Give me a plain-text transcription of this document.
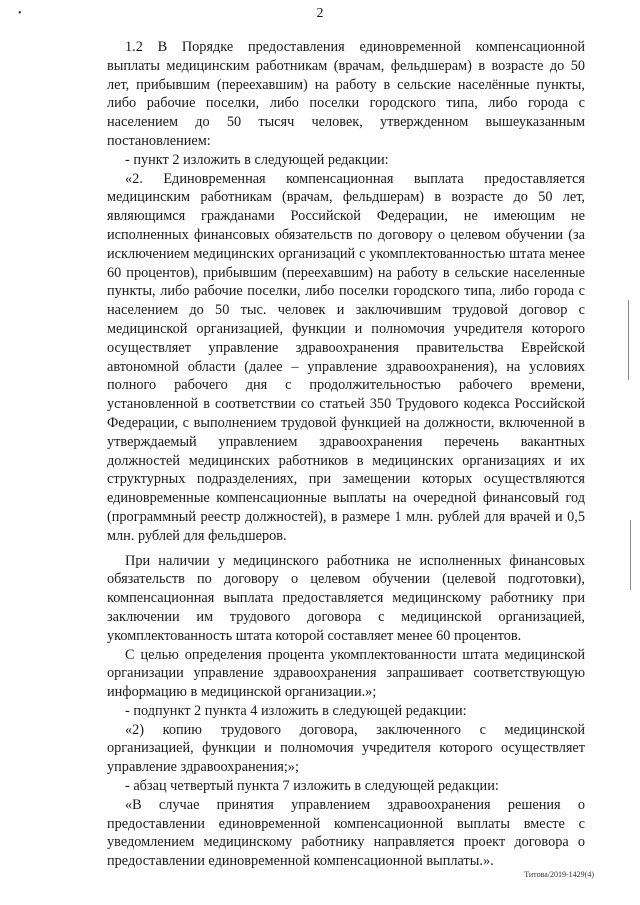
•	2

1.2 В Порядке предоставления единовременной компенсационной выплаты медицинским работникам (врачам, фельдшерам) в возрасте до 50 лет, прибывшим (переехавшим) на работу в сельские населённые пункты, либо рабочие поселки, либо поселки городского типа, либо города с населением до 50 тысяч человек, утвержденном вышеуказанным постановлением:

- пункт 2 изложить в следующей редакции:

«2. Единовременная компенсационная выплата предоставляется медицинским работникам (врачам, фельдшерам) в возрасте до 50 лет, являющимся гражданами Российской Федерации, не имеющим не исполненных финансовых обязательств по договору о целевом обучении (за исключением медицинских организаций с укомплектованностью штата менее 60 процентов), прибывшим (переехавшим) на работу в сельские населенные пункты, либо рабочие поселки, либо поселки городского типа, либо города с населением до 50 тыс. человек и заключившим трудовой договор с медицинской организацией, функции и полномочия учредителя которого осуществляет управление здравоохранения правительства Еврейской автономной области (далее – управление здравоохранения), на условиях полного рабочего дня с продолжительностью рабочего времени, установленной в соответствии со статьей 350 Трудового кодекса Российской Федерации, с выполнением трудовой функцией на должности, включенной в утверждаемый управлением здравоохранения перечень вакантных должностей медицинских работников в медицинских организациях и их структурных подразделениях, при замещении которых осуществляются единовременные компенсационные выплаты на очередной финансовый год (программный реестр должностей), в размере 1 млн. рублей для врачей и 0,5 млн. рублей для фельдшеров.

При наличии у медицинского работника не исполненных финансовых обязательств по договору о целевом обучении (целевой подготовки), компенсационная выплата предоставляется медицинскому работнику при заключении им трудового договора с медицинской организацией, укомплектованность штата которой составляет менее 60 процентов.

С целью определения процента укомплектованности штата медицинской организации управление здравоохранения запрашивает соответствующую информацию в медицинской организации.»;

- подпункт 2 пункта 4 изложить в следующей редакции:

«2) копию трудового договора, заключенного с медицинской организацией, функции и полномочия учредителя которого осуществляет управление здравоохранения;»;

- абзац четвертый пункта 7 изложить в следующей редакции:

«В случае принятия управлением здравоохранения решения о предоставлении единовременной компенсационной выплаты вместе с уведомлением медицинскому работнику направляется проект договора о предоставлении единовременной компенсационной выплаты.».

Титова/2019-1429(4)
